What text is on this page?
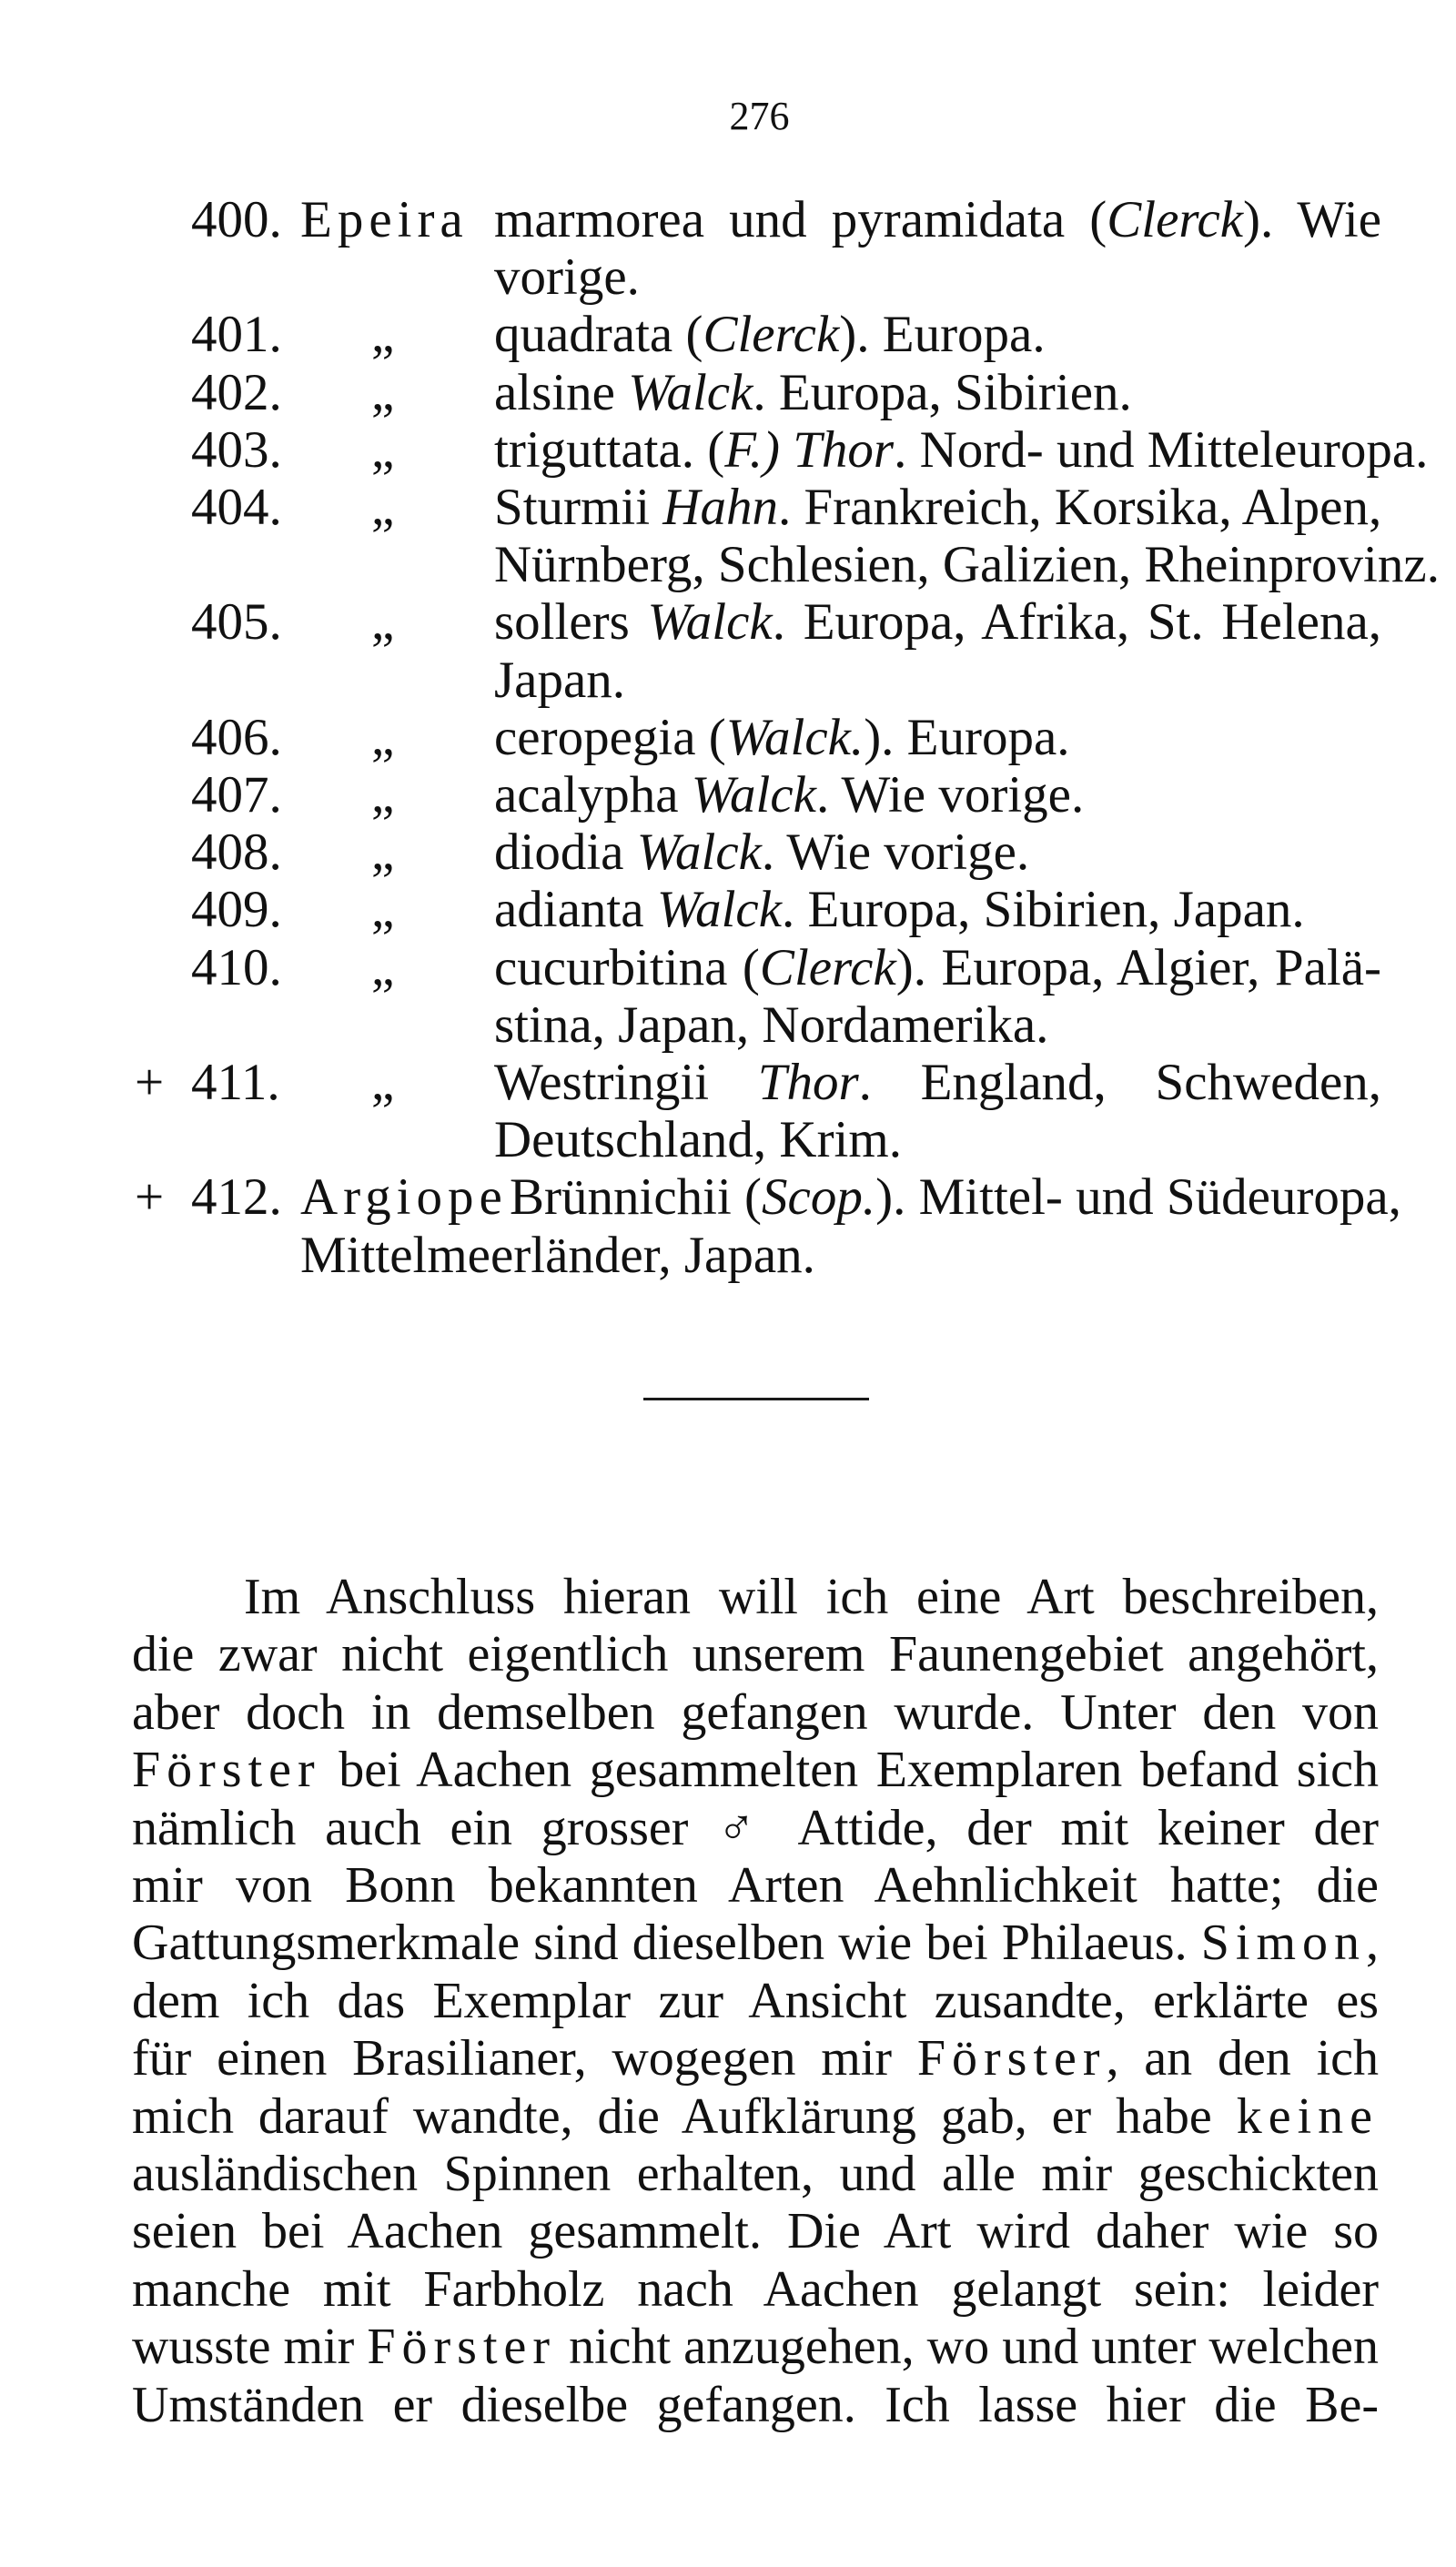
276
400. Epeira marmorea und pyramidata (Clerck). Wie
vorige.
401. „ quadrata (Clerck). Europa.
402. „ alsine Walck. Europa, Sibirien.
403. „ triguttata. (F.) Thor. Nord- und Mitteleuropa.
404. „ Sturmii Hahn. Frankreich, Korsika, Alpen,
Nürnberg, Schlesien, Galizien, Rheinprovinz.
405. „ sollers Walck. Europa, Afrika, St. Helena,
Japan.
406. „ ceropegia (Walck.). Europa.
407. „ acalypha Walck. Wie vorige.
408. „ diodia Walck. Wie vorige.
409. „ adianta Walck. Europa, Sibirien, Japan.
410. „ cucurbitina (Clerck). Europa, Algier, Palä-
stina, Japan, Nordamerika.
+ 411. „ Westringii Thor. England, Schweden,
Deutschland, Krim.
+ 412. Argiope Brünnichii (Scop.). Mittel- und Südeuropa,
Mittelmeerländer, Japan.
Im Anschluss hieran will ich eine Art beschreiben,
die zwar nicht eigentlich unserem Faunengebiet angehört,
aber doch in demselben gefangen wurde. Unter den von
Förster bei Aachen gesammelten Exemplaren befand sich
nämlich auch ein grosser ♂ Attide, der mit keiner der
mir von Bonn bekannten Arten Aehnlichkeit hatte; die
Gattungsmerkmale sind dieselben wie bei Philaeus. Simon,
dem ich das Exemplar zur Ansicht zusandte, erklärte es
für einen Brasilianer, wogegen mir Förster, an den ich
mich darauf wandte, die Aufklärung gab, er habe keine
ausländischen Spinnen erhalten, und alle mir geschickten
seien bei Aachen gesammelt. Die Art wird daher wie so
manche mit Farbholz nach Aachen gelangt sein: leider
wusste mir Förster nicht anzugehen, wo und unter welchen
Umständen er dieselbe gefangen. Ich lasse hier die Be-
